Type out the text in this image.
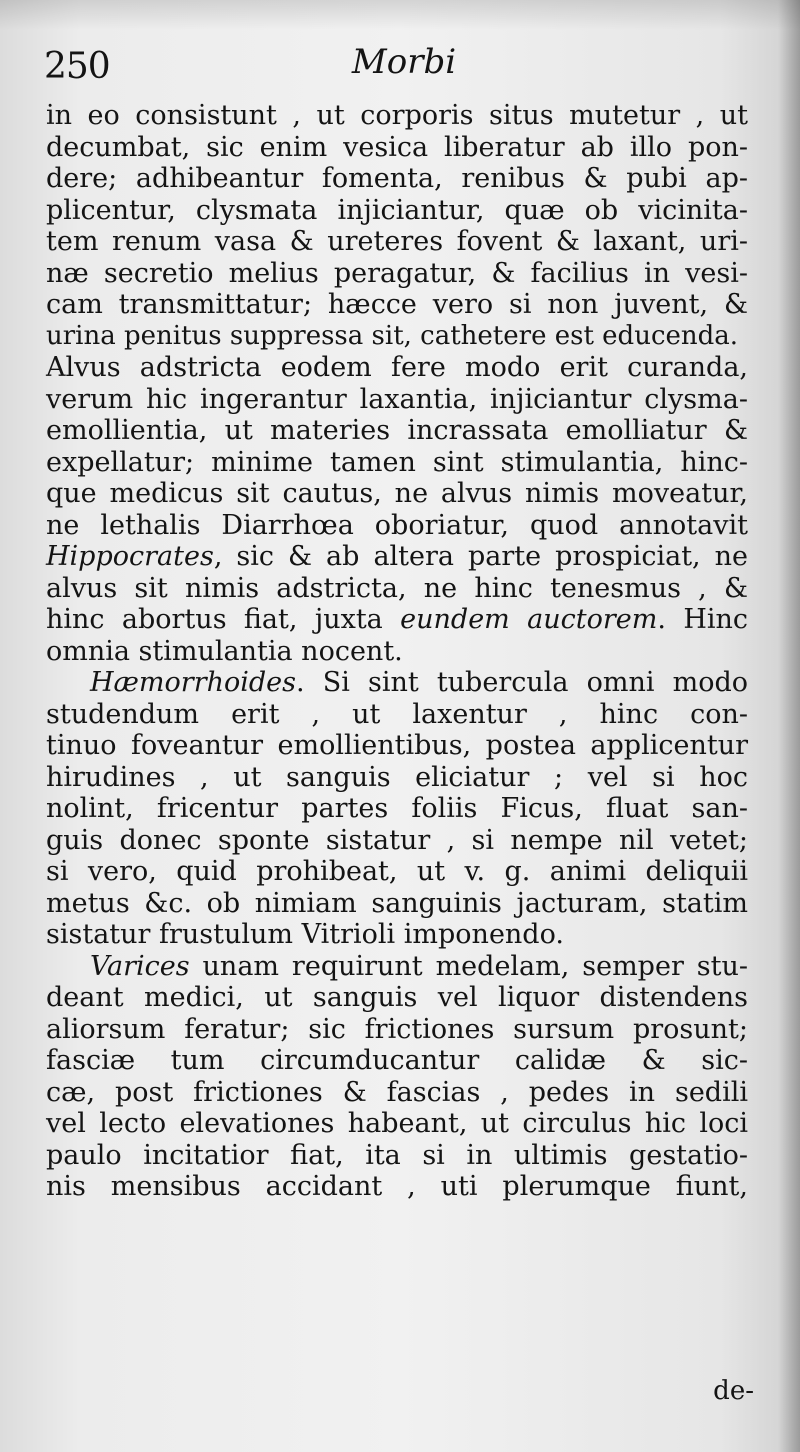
250	Morbi
in eo consistunt , ut corporis situs mutetur , ut
decumbat, sic enim vesica liberatur ab illo pon-
dere; adhibeantur fomenta, renibus & pubi ap-
plicentur, clysmata injiciantur, quæ ob vicinita-
tem renum vasa & ureteres fovent & laxant, uri-
næ secretio melius peragatur, & facilius in vesi-
cam transmittatur; hæcce vero si non juvent, &
urina penitus suppressa sit, cathetere est educenda.
Alvus adstricta eodem fere modo erit curanda,
verum hic ingerantur laxantia, injiciantur clysma-
emollientia, ut materies incrassata emolliatur &
expellatur; minime tamen sint stimulantia, hinc-
que medicus sit cautus, ne alvus nimis moveatur,
ne lethalis Diarrhœa oboriatur, quod annotavit
Hippocrates, sic & ab altera parte prospiciat, ne
alvus sit nimis adstricta, ne hinc tenesmus , &
hinc abortus fiat, juxta eundem auctorem. Hinc
omnia stimulantia nocent.
Hæmorrhoides. Si sint tubercula omni modo
studendum erit , ut laxentur , hinc con-
tinuo foveantur emollientibus, postea applicentur
hirudines , ut sanguis eliciatur ; vel si hoc
nolint, fricentur partes foliis Ficus, fluat san-
guis donec sponte sistatur , si nempe nil vetet;
si vero, quid prohibeat, ut v. g. animi deliquii
metus &c. ob nimiam sanguinis jacturam, statim
sistatur frustulum Vitrioli imponendo.
Varices unam requirunt medelam, semper stu-
deant medici, ut sanguis vel liquor distendens
aliorsum feratur; sic frictiones sursum prosunt;
fasciæ tum circumducantur calidæ & sic-
cæ, post frictiones & fascias , pedes in sedili
vel lecto elevationes habeant, ut circulus hic loci
paulo incitatior fiat, ita si in ultimis gestatio-
nis mensibus accidant , uti plerumque fiunt,
de-
